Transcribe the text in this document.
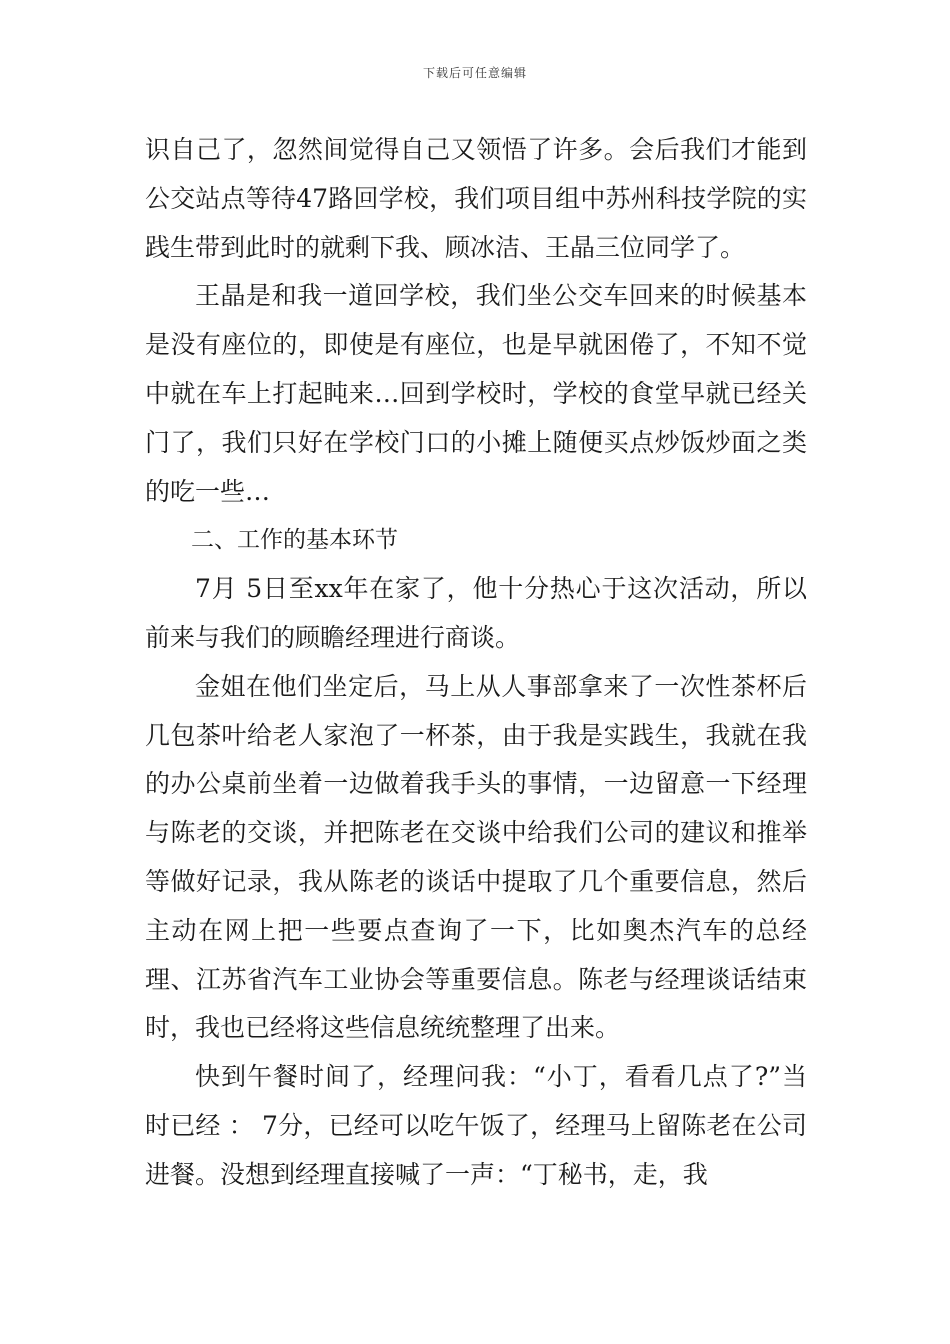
下载后可任意编辑

识自己了，忽然间觉得自己又领悟了许多。会后我们才能到公交站点等待47路回学校，我们项目组中苏州科技学院的实践生带到此时的就剩下我、顾冰洁、王晶三位同学了。

王晶是和我一道回学校，我们坐公交车回来的时候基本是没有座位的，即使是有座位，也是早就困倦了，不知不觉中就在车上打起盹来…回到学校时，学校的食堂早就已经关门了，我们只好在学校门口的小摊上随便买点炒饭炒面之类的吃一些…

二、工作的基本环节

7月 5日至xx年在家了，他十分热心于这次活动，所以前来与我们的顾瞻经理进行商谈。

金姐在他们坐定后，马上从人事部拿来了一次性茶杯后几包茶叶给老人家泡了一杯茶，由于我是实践生，我就在我的办公桌前坐着一边做着我手头的事情，一边留意一下经理与陈老的交谈，并把陈老在交谈中给我们公司的建议和推举等做好记录，我从陈老的谈话中提取了几个重要信息，然后主动在网上把一些要点查询了一下，比如奥杰汽车的总经理、江苏省汽车工业协会等重要信息。陈老与经理谈话结束时，我也已经将这些信息统统整理了出来。

快到午餐时间了，经理问我：“小丁，看看几点了?”当时已经 ： 7分，已经可以吃午饭了，经理马上留陈老在公司进餐。没想到经理直接喊了一声：“丁秘书，走，我
